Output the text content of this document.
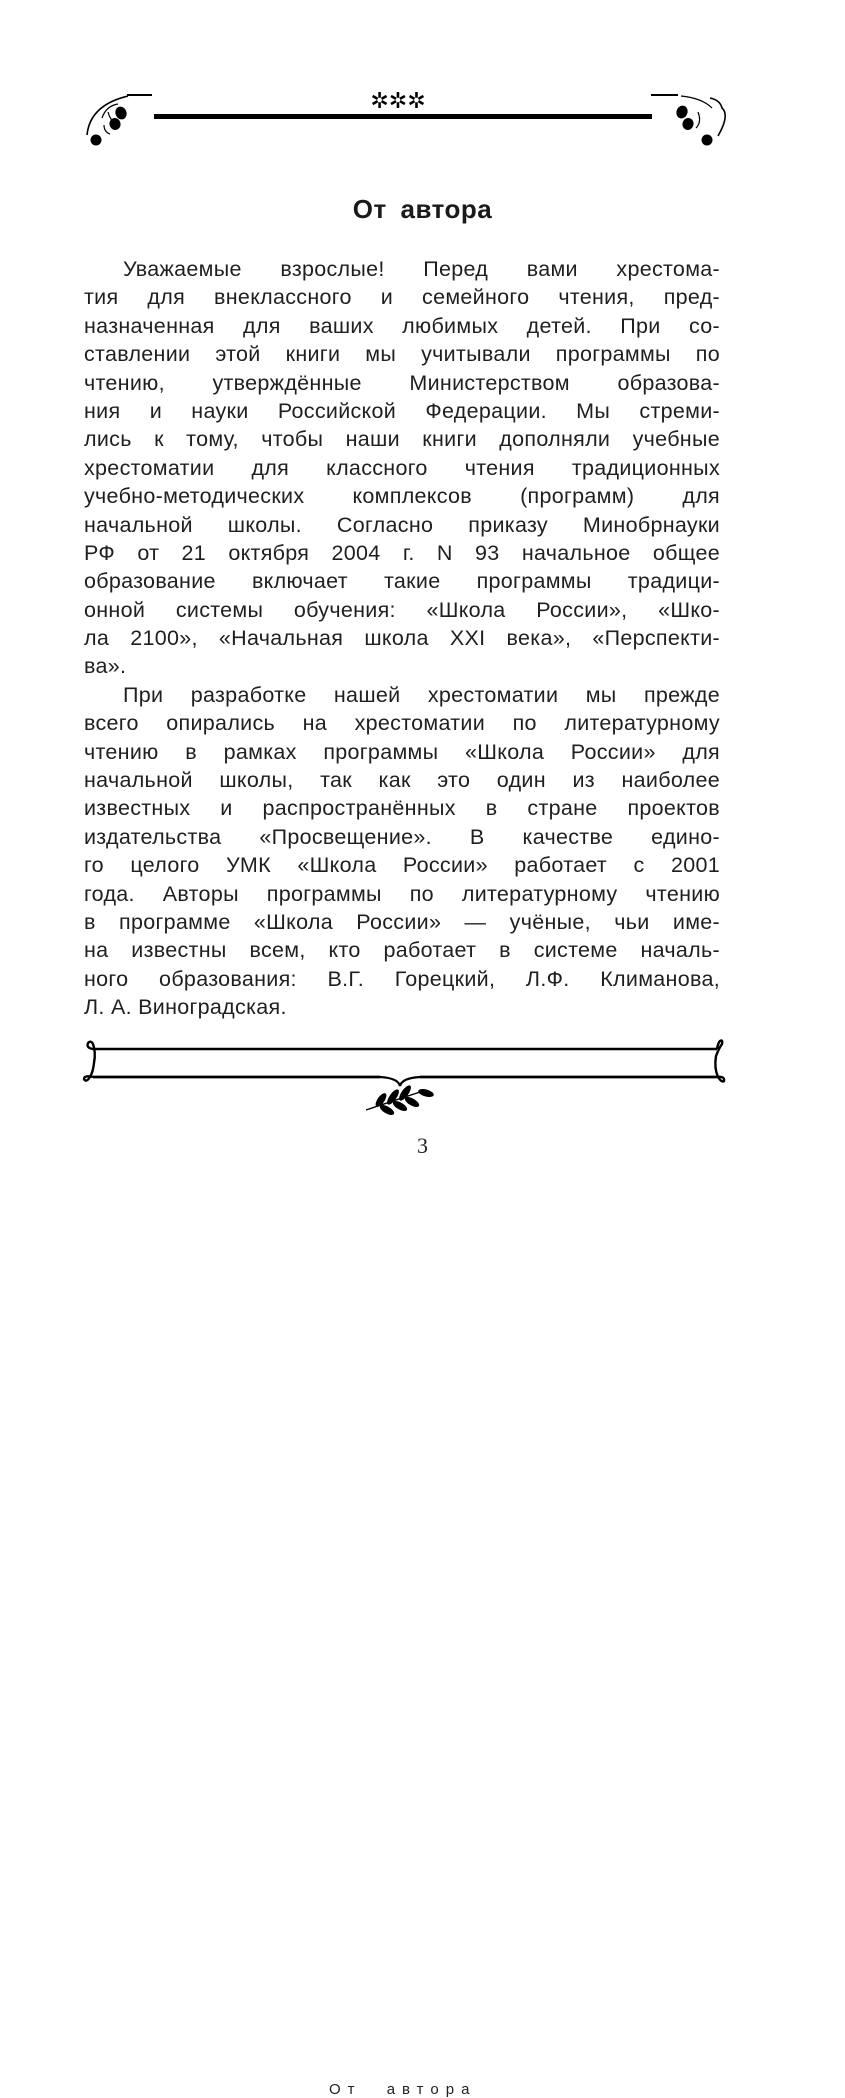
✲✲✲
От автора
Уважаемые взрослые! Перед вами хрестома-
тия для внеклассного и семейного чтения, пред-
назначенная для ваших любимых детей. При со-
ставлении этой книги мы учитывали программы по
чтению, утверждённые Министерством образова-
ния и науки Российской Федерации. Мы стреми-
лись к тому, чтобы наши книги дополняли учебные
хрестоматии для классного чтения традиционных
учебно-методических комплексов (программ) для
начальной школы. Согласно приказу Минобрнауки
РФ от 21 октября 2004 г. N 93 начальное общее
образование включает такие программы традици-
онной системы обучения: «Школа России», «Шко-
ла 2100», «Начальная школа XXI века», «Перспекти-
ва».
При разработке нашей хрестоматии мы прежде
всего опирались на хрестоматии по литературному
чтению в рамках программы «Школа России» для
начальной школы, так как это один из наиболее
известных и распространённых в стране проектов
издательства «Просвещение». В качестве едино-
го целого УМК «Школа России» работает с 2001
года. Авторы программы по литературному чтению
в программе «Школа России» — учёные, чьи име-
на известны всем, кто работает в системе началь-
ного образования: В.Г. Горецкий, Л.Ф. Климанова,
Л. А. Виноградская.
От автора
3
